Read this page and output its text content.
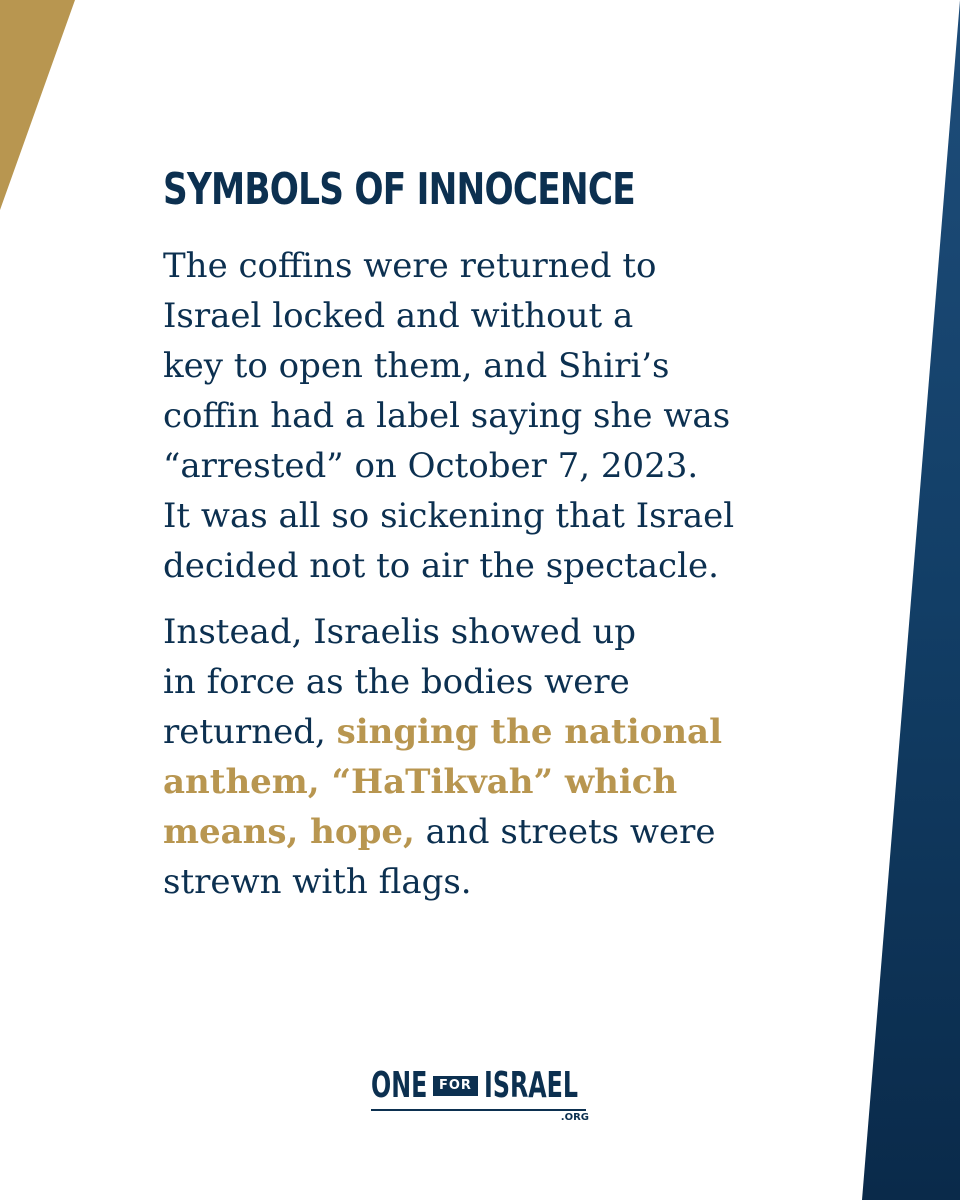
SYMBOLS OF INNOCENCE

The coffins were returned to
Israel locked and without a
key to open them, and Shiri’s
coffin had a label saying she was
“arrested” on October 7, 2023.
It was all so sickening that Israel
decided not to air the spectacle.

Instead, Israelis showed up
in force as the bodies were
returned, singing the national
anthem, “HaTikvah” which
means, hope, and streets were
strewn with flags.

ONE FOR ISRAEL
.ORG
